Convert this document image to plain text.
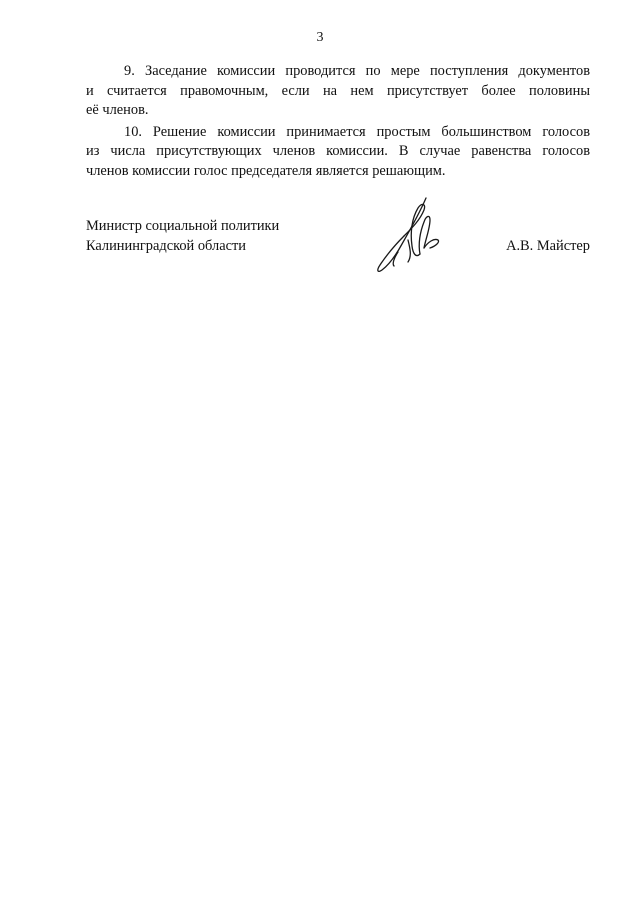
3

9. Заседание комиссии проводится по мере поступления документов
и считается правомочным, если на нем присутствует более половины
её членов.

10. Решение комиссии принимается простым большинством голосов
из числа присутствующих членов комиссии. В случае равенства голосов
членов комиссии голос председателя является решающим.

Министр социальной политики
Калининградской области	А.В. Майстер
